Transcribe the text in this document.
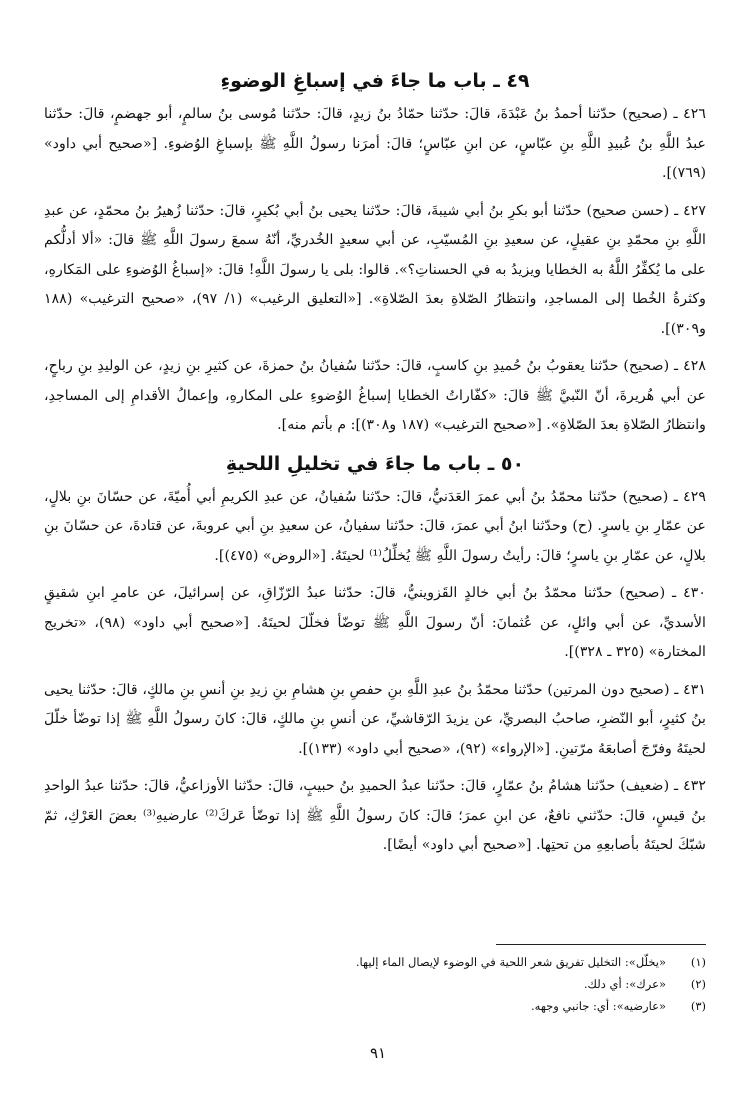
٤٩ ـ باب ما جاءَ في إسباغِ الوضوءِ

٤٢٦ ـ (صحيح) حدّثنا أحمدُ بنُ عَبْدَةَ، قالَ: حدّثنا حمّادُ بنُ زيدٍ، قالَ: حدّثنا مُوسى بنُ سالمٍ، أبو جهضمٍ، قالَ: حدّثنا عبدُ اللَّهِ بنُ عُبيدِ اللَّهِ بنِ عبّاسٍ، عن ابنِ عبّاسٍ؛ قالَ: أمرَنا رسولُ اللَّهِ ﷺ بإسباغِ الوُضوءِ. [«صحيح أبي داود» (٧٦٩)].

٤٢٧ ـ (حسن صحيح) حدّثنا أبو بكرِ بنُ أبي شيبةَ، قالَ: حدّثنا يحيى بنُ أبي بُكيرٍ، قالَ: حدّثنا زُهيرُ بنُ محمّدٍ، عن عبدِ اللَّهِ بنِ محمّدِ بنِ عقيلٍ، عن سعيدِ بنِ المُسيّبِ، عن أبي سعيدٍ الخُدريِّ، أنّهُ سمعَ رسولَ اللَّهِ ﷺ قالَ: «ألا أدلُّكم على ما يُكفِّرُ اللَّهُ به الخطايا ويزيدُ به في الحسناتِ؟». قالوا: بلى يا رسولَ اللَّهِ! قالَ: «إسباغُ الوُضوءِ على المَكارهِ، وكثرةُ الخُطا إلى المساجدِ، وانتظارُ الصّلاةِ بعدَ الصّلاةِ». [«التعليق الرغيب» (١/ ٩٧)، «صحيح الترغيب» (١٨٨ و٣٠٩)].

٤٢٨ ـ (صحيح) حدّثنا يعقوبُ بنُ حُميدِ بنِ كاسبٍ، قالَ: حدّثنا سُفيانُ بنُ حمزةَ، عن كثيرِ بنِ زيدٍ، عن الوليدِ بنِ رباحٍ، عن أبي هُريرةَ، أنّ النّبيَّ ﷺ قالَ: «كفّاراتُ الخطايا إسباغُ الوُضوءِ على المكارهِ، وإعمالُ الأقدامِ إلى المساجدِ، وانتظارُ الصّلاةِ بعدَ الصّلاةِ». [«صحيح الترغيب» (١٨٧ و٣٠٨)]: م بأتم منه].

٥٠ ـ باب ما جاءَ في تخليلِ اللحيةِ

٤٢٩ ـ (صحيح) حدّثنا محمّدُ بنُ أبي عمرَ العَدَنيُّ، قالَ: حدّثنا سُفيانُ، عن عبدِ الكريمِ أبي أُميّةَ، عن حسّانَ بنِ بلالٍ، عن عمّارِ بنِ ياسرٍ. (ح) وحدّثنا ابنُ أبي عمرَ، قالَ: حدّثنا سفيانُ، عن سعيدِ بنِ أبي عروبةَ، عن قتادةَ، عن حسّانَ بنِ بلالٍ، عن عمّارِ بنِ ياسرٍ؛ قالَ: رأيتُ رسولَ اللَّهِ ﷺ يُخلِّلُ⁽¹⁾ لحيتَهُ. [«الروض» (٤٧٥)].

٤٣٠ ـ (صحيح) حدّثنا محمّدُ بنُ أبي خالدٍ القَزوينيُّ، قالَ: حدّثنا عبدُ الرّزّاقِ، عن إسرائيلَ، عن عامرِ ابنِ شقيقٍ الأسديِّ، عن أبي وائلٍ، عن عُثمانَ: أنّ رسولَ اللَّهِ ﷺ توضّأ فخلّلَ لحيتَهُ. [«صحيح أبي داود» (٩٨)، «تخريج المختارة» (٣٢٥ ـ ٣٢٨)].

٤٣١ ـ (صحيح دون المرتين) حدّثنا محمّدُ بنُ عبدِ اللَّهِ بنِ حفصِ بنِ هشامِ بنِ زيدِ بنِ أنسِ بنِ مالكٍ، قالَ: حدّثنا يحيى بنُ كثيرٍ، أبو النّضرِ، صاحبُ البصريِّ، عن يزيدَ الرّقاشيِّ، عن أنسِ بنِ مالكٍ، قالَ: كانَ رسولُ اللَّهِ ﷺ إذا توضّأ خلّلَ لحيتَهُ وفرّجَ أصابعَهُ مرّتينِ. [«الإرواء» (٩٢)، «صحيح أبي داود» (١٣٣)].

٤٣٢ ـ (ضعيف) حدّثنا هشامُ بنُ عمّارٍ، قالَ: حدّثنا عبدُ الحميدِ بنُ حبيبٍ، قالَ: حدّثنا الأوزاعيُّ، قالَ: حدّثنا عبدُ الواحدِ بنُ قيسٍ، قالَ: حدّثني نافعٌ، عن ابنِ عمرَ؛ قالَ: كانَ رسولُ اللَّهِ ﷺ إذا توضّأ عَركَ⁽²⁾ عارضيهِ⁽³⁾ بعضَ العَرْكِ، ثمّ شبّكَ لحيتَهُ بأصابعِهِ من تحتِها. [«صحيح أبي داود» أيضًا].

(١)
«يخلّل»: التخليل تفريق شعر اللحية في الوضوء لإيصال الماء إليها.
(٢)
«عرك»: أي دلك.
(٣)
«عارضيه»: أي: جانبي وجهه.
٩١
